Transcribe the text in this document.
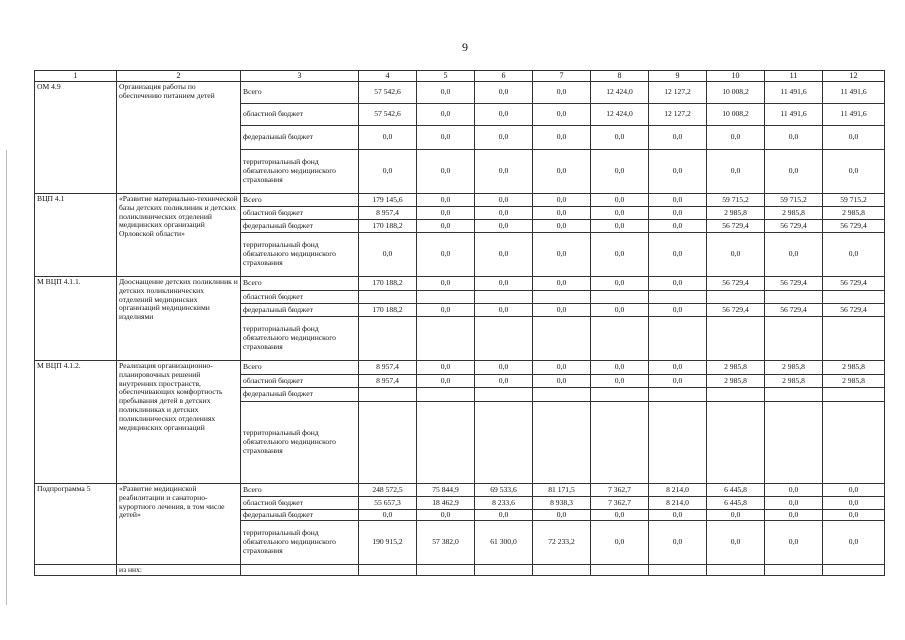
9
1	2	3	4	5	6	7	8	9	10	11	12
ОМ 4.9	Организация работы по обеспечению питанием детей	Всего	57 542,6	0,0	0,0	0,0	12 424,0	12 127,2	10 008,2	11 491,6	11 491,6
		областной бюджет	57 542,6	0,0	0,0	0,0	12 424,0	12 127,2	10 008,2	11 491,6	11 491,6
		федеральный бюджет	0,0	0,0	0,0	0,0	0,0	0,0	0,0	0,0	0,0
		территориальный фонд обязательного медицинского страхования	0,0	0,0	0,0	0,0	0,0	0,0	0,0	0,0	0,0
ВЦП 4.1	«Развитие материально-технической базы детских поликлиник и детских поликлинических отделений медицинских организаций Орловской области»	Всего	179 145,6	0,0	0,0	0,0	0,0	0,0	59 715,2	59 715,2	59 715,2
		областной бюджет	8 957,4	0,0	0,0	0,0	0,0	0,0	2 985,8	2 985,8	2 985,8
		федеральный бюджет	170 188,2	0,0	0,0	0,0	0,0	0,0	56 729,4	56 729,4	56 729,4
		территориальный фонд обязательного медицинского страхования	0,0	0,0	0,0	0,0	0,0	0,0	0,0	0,0	0,0
М ВЦП 4.1.1.	Дооснащение детских поликлиник и детских поликлинических отделений медицинских организаций медицинскими изделиями	Всего	170 188,2	0,0	0,0	0,0	0,0	0,0	56 729,4	56 729,4	56 729,4
		областной бюджет									
		федеральный бюджет	170 188,2	0,0	0,0	0,0	0,0	0,0	56 729,4	56 729,4	56 729,4
		территориальный фонд обязательного медицинского страхования									
М ВЦП 4.1.2.	Реализация организационно-планировочных решений внутренних пространств, обеспечивающих комфортность пребывания детей в детских поликлиниках и детских поликлинических отделениях медицинских организаций	Всего	8 957,4	0,0	0,0	0,0	0,0	0,0	2 985,8	2 985,8	2 985,8
		областной бюджет	8 957,4	0,0	0,0	0,0	0,0	0,0	2 985,8	2 985,8	2 985,8
		федеральный бюджет									
		территориальный фонд обязательного медицинского страхования									
Подпрограмма 5	«Развитие медицинской реабилитации и санаторно-курортного лечения, в том числе детей»	Всего	248 572,5	75 844,9	69 533,6	81 171,5	7 362,7	8 214,0	6 445,8	0,0	0,0
		областной бюджет	55 657,3	18 462,9	8 233,6	8 938,3	7 362,7	8 214,0	6 445,8	0,0	0,0
		федеральный бюджет	0,0	0,0	0,0	0,0	0,0	0,0	0,0	0,0	0,0
		территориальный фонд обязательного медицинского страхования	190 915,2	57 382,0	61 300,0	72 233,2	0,0	0,0	0,0	0,0	0,0
	из них:										
